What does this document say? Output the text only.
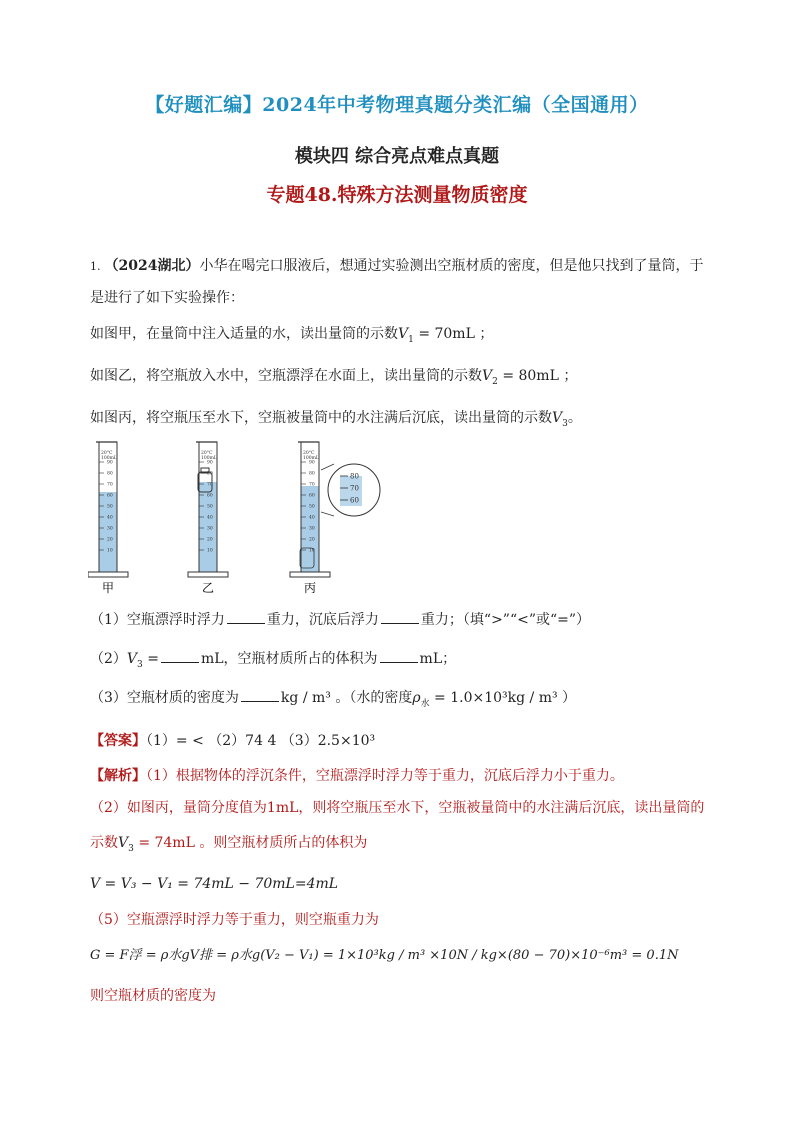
【好题汇编】2024年中考物理真题分类汇编（全国通用）
模块四 综合亮点难点真题
专题48.特殊方法测量物质密度
1. （2024湖北）小华在喝完口服液后，想通过实验测出空瓶材质的密度，但是他只找到了量筒，于
是进行了如下实验操作：
如图甲，在量筒中注入适量的水，读出量筒的示数$V_1 = 70mL$ ；
如图乙，将空瓶放入水中，空瓶漂浮在水面上，读出量筒的示数$V_2 = 80mL$ ；
如图丙，将空瓶压至水下，空瓶被量筒中的水注满后沉底，读出量筒的示数$V_3$。
20°C
100mL
90
80
70
60
50
40
30
20
10
20°C
100mL
90
80
70
60
50
40
30
20
10
20°C
100mL
90
80
70
60
50
40
30
20
10
80
70
60
甲	乙	丙
（1）空瓶漂浮时浮力	重力，沉底后浮力	重力；（填“>”“<”或“=”）
$(2)V_3$ =	mL，空瓶材质所占的体积为	mL；
（3）空瓶材质的密度为	kg / m³ 。（水的密度$\rho_水 = 1.0\times 10^3kg / m^3$ ）
【答案】（1）= < （2）74 4 （3）2.5×10³
【解析】（1）根据物体的浮沉条件，空瓶漂浮时浮力等于重力，沉底后浮力小于重力。
（2）如图丙，量筒分度值为1mL，则将空瓶压至水下，空瓶被量筒中的水注满后沉底，读出量筒的
示数$V_3 = 74mL$ 。则空瓶材质所占的体积为
V = V₃ − V₁ = 74mL − 70mL=4mL
（5）空瓶漂浮时浮力等于重力，则空瓶重力为
G = F浮 = ρ水gV排 = ρ水g(V₂ − V₁) = 1×10³kg / m³ ×10N / kg×(80 − 70)×10⁻⁶m³ = 0.1N
则空瓶材质的密度为
